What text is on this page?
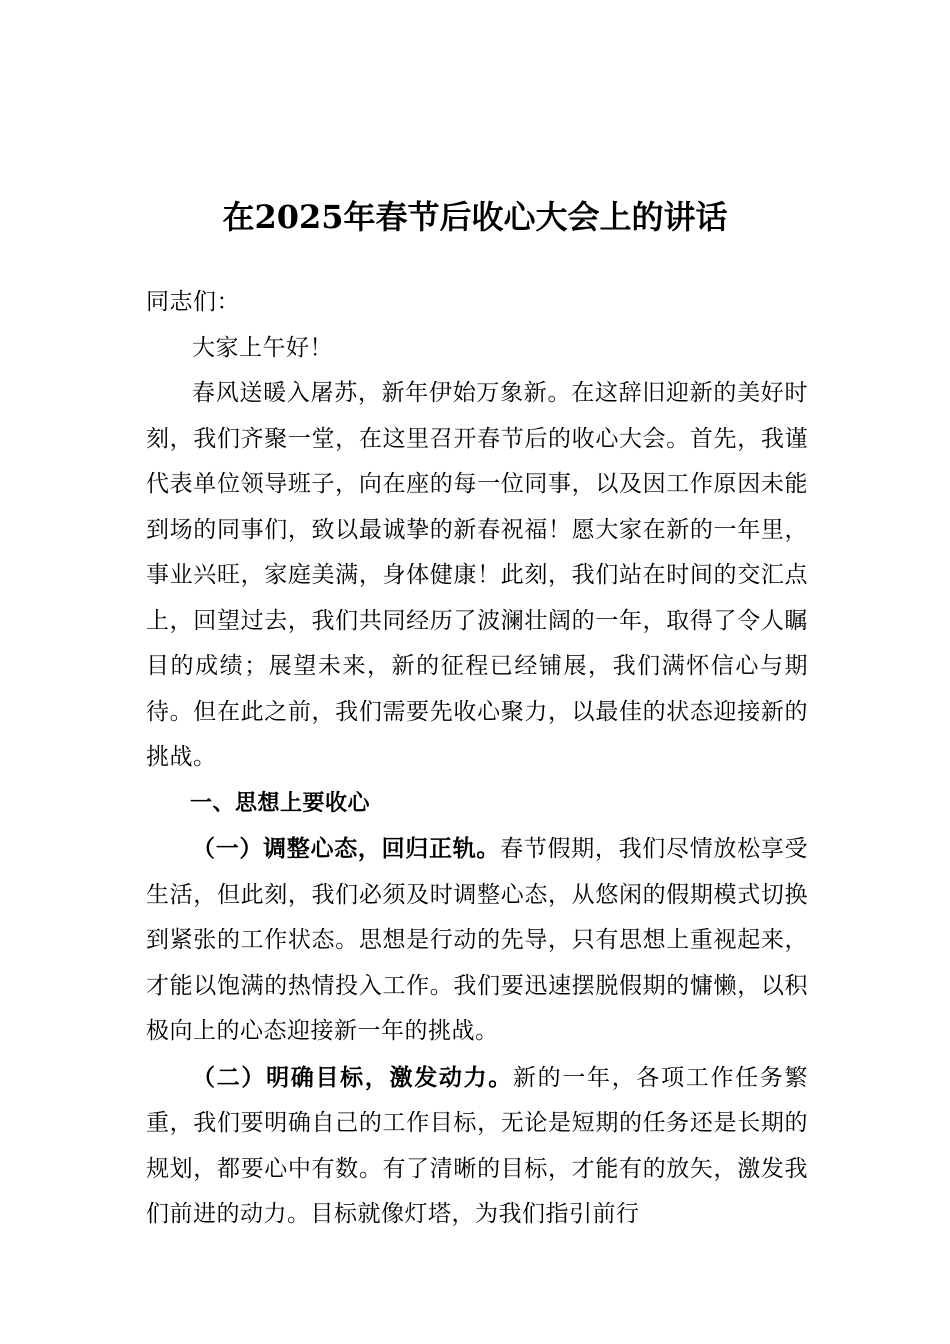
在2025年春节后收心大会上的讲话

同志们：

大家上午好！

春风送暖入屠苏，新年伊始万象新。在这辞旧迎新的美好时刻，我们齐聚一堂，在这里召开春节后的收心大会。首先，我谨代表单位领导班子，向在座的每一位同事，以及因工作原因未能到场的同事们，致以最诚挚的新春祝福！愿大家在新的一年里，事业兴旺，家庭美满，身体健康！此刻，我们站在时间的交汇点上，回望过去，我们共同经历了波澜壮阔的一年，取得了令人瞩目的成绩；展望未来，新的征程已经铺展，我们满怀信心与期待。但在此之前，我们需要先收心聚力，以最佳的状态迎接新的挑战。

一、思想上要收心

（一）调整心态，回归正轨。春节假期，我们尽情放松享受生活，但此刻，我们必须及时调整心态，从悠闲的假期模式切换到紧张的工作状态。思想是行动的先导，只有思想上重视起来，才能以饱满的热情投入工作。我们要迅速摆脱假期的慵懒，以积极向上的心态迎接新一年的挑战。

（二）明确目标，激发动力。新的一年，各项工作任务繁重，我们要明确自己的工作目标，无论是短期的任务还是长期的规划，都要心中有数。有了清晰的目标，才能有的放矢，激发我们前进的动力。目标就像灯塔，为我们指引前行
